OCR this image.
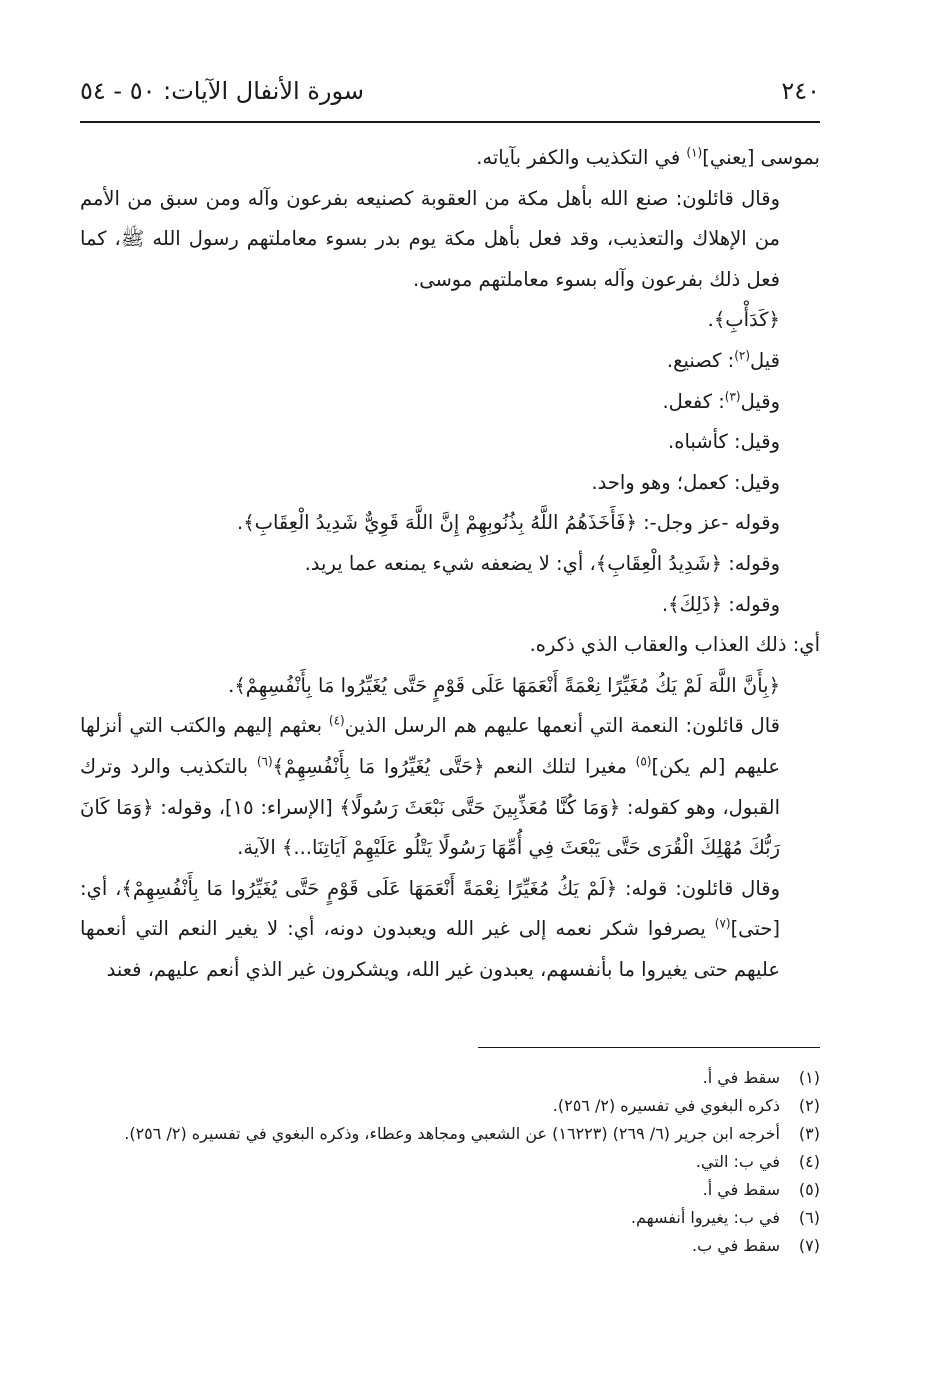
٢٤٠
سورة الأنفال الآيات: ٥٠ - ٥٤

بموسى [يعني]$^{(١)}$ في التكذيب والكفر بآياته.

وقال قائلون: صنع الله بأهل مكة من العقوبة كصنيعه بفرعون وآله ومن سبق من الأمم من الإهلاك والتعذيب، وقد فعل بأهل مكة يوم بدر بسوء معاملتهم رسول الله ﷺ، كما فعل ذلك بفرعون وآله بسوء معاملتهم موسى.

﴿كَدَأْبِ﴾.

قيل$^{(٢)}$: كصنيع.

وقيل$^{(٣)}$: كفعل.

وقيل: كأشباه.

وقيل: كعمل؛ وهو واحد.

وقوله -عز وجل-: ﴿فَأَخَذَهُمُ اللَّهُ بِذُنُوبِهِمْ إِنَّ اللَّهَ قَوِيٌّ شَدِيدُ الْعِقَابِ﴾.

وقوله: ﴿شَدِيدُ الْعِقَابِ﴾، أي: لا يضعفه شيء يمنعه عما يريد.

وقوله: ﴿ذَلِكَ﴾.

أي: ذلك العذاب والعقاب الذي ذكره.

﴿بِأَنَّ اللَّهَ لَمْ يَكُ مُغَيِّرًا نِعْمَةً أَنْعَمَهَا عَلَى قَوْمٍ حَتَّى يُغَيِّرُوا مَا بِأَنْفُسِهِمْ﴾.

قال قائلون: النعمة التي أنعمها عليهم هم الرسل الذين$^{(٤)}$ بعثهم إليهم والكتب التي أنزلها عليهم [لم يكن]$^{(٥)}$ مغيرا لتلك النعم ﴿حَتَّى يُغَيِّرُوا مَا بِأَنْفُسِهِمْ﴾$^{(٦)}$ بالتكذيب والرد وترك القبول، وهو كقوله: ﴿وَمَا كُنَّا مُعَذِّبِينَ حَتَّى نَبْعَثَ رَسُولًا﴾ [الإسراء: ١٥]، وقوله: ﴿وَمَا كَانَ رَبُّكَ مُهْلِكَ الْقُرَى حَتَّى يَبْعَثَ فِي أُمِّهَا رَسُولًا يَتْلُو عَلَيْهِمْ آيَاتِنَا...﴾ الآية.

وقال قائلون: قوله: ﴿لَمْ يَكُ مُغَيِّرًا نِعْمَةً أَنْعَمَهَا عَلَى قَوْمٍ حَتَّى يُغَيِّرُوا مَا بِأَنْفُسِهِمْ﴾، أي: [حتى]$^{(٧)}$ يصرفوا شكر نعمه إلى غير الله ويعبدون دونه، أي: لا يغير النعم التي أنعمها عليهم حتى يغيروا ما بأنفسهم، يعبدون غير الله، ويشكرون غير الذي أنعم عليهم، فعند

(١)
سقط في أ.
(٢)
ذكره البغوي في تفسيره (٢/ ٢٥٦).
(٣)
أخرجه ابن جرير (٦/ ٢٦٩) (١٦٢٢٣) عن الشعبي ومجاهد وعطاء، وذكره البغوي في تفسيره (٢/ ٢٥٦).
(٤)
في ب: التي.
(٥)
سقط في أ.
(٦)
في ب: يغيروا أنفسهم.
(٧)
سقط في ب.
